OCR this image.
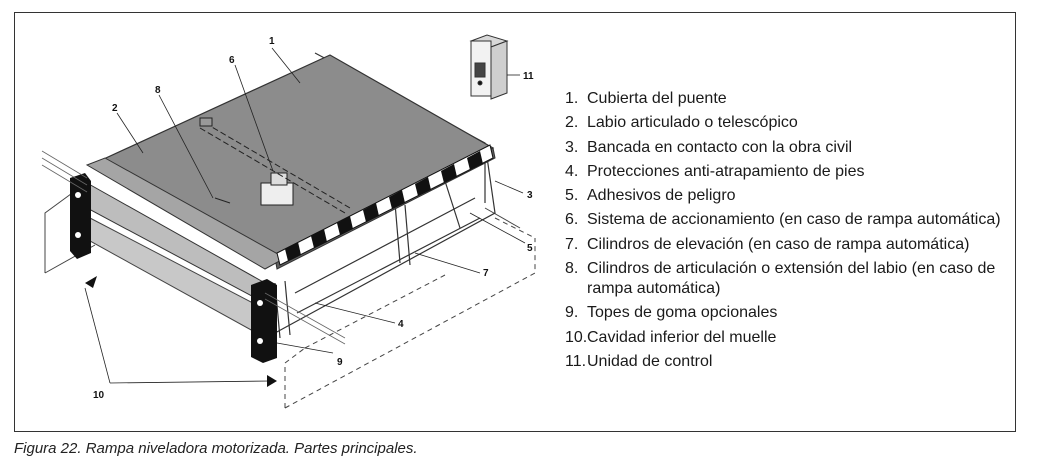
1
2
3
4
5
6
7
8
9
10
11
1. Cubierta del puente
2. Labio articulado o telescópico
3. Bancada en contacto con la obra civil
4. Protecciones anti-atrapamiento de pies
5. Adhesivos de peligro
6. Sistema de accionamiento (en caso de rampa automática)
7. Cilindros de elevación (en caso de rampa automática)
8. Cilindros de articulación o extensión del labio (en caso de rampa automática)
9. Topes de goma opcionales
10. Cavidad inferior del muelle
11. Unidad de control
Figura 22. Rampa niveladora motorizada. Partes principales.
